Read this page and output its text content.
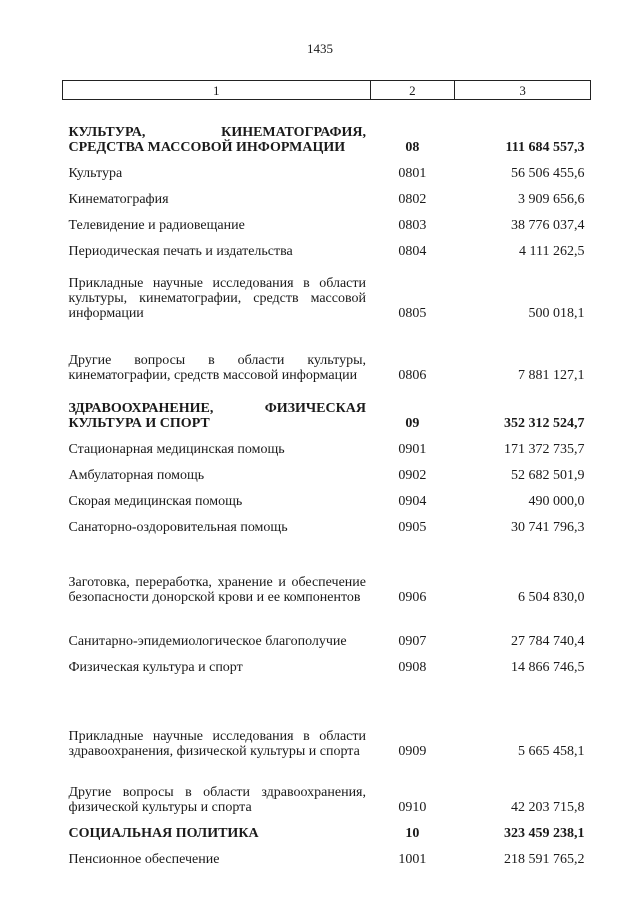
1435
1	2	3
КУЛЬТУРА, КИНЕМАТОГРАФИЯ, СРЕДСТВА МАССОВОЙ ИНФОРМАЦИИ	08	111 684 557,3
Культура	0801	56 506 455,6
Кинематография	0802	3 909 656,6
Телевидение и радиовещание	0803	38 776 037,4
Периодическая печать и издательства	0804	4 111 262,5
Прикладные научные исследования в области культуры, кинематографии, средств массовой информации	0805	500 018,1
Другие вопросы в области культуры, кинематографии, средств массовой информации	0806	7 881 127,1
ЗДРАВООХРАНЕНИЕ, ФИЗИЧЕСКАЯ КУЛЬТУРА И СПОРТ	09	352 312 524,7
Стационарная медицинская помощь	0901	171 372 735,7
Амбулаторная помощь	0902	52 682 501,9
Скорая медицинская помощь	0904	490 000,0
Санаторно-оздоровительная помощь	0905	30 741 796,3
Заготовка, переработка, хранение и обеспечение безопасности донорской крови и ее компонентов	0906	6 504 830,0
Санитарно-эпидемиологическое благополучие	0907	27 784 740,4
Физическая культура и спорт	0908	14 866 746,5
Прикладные научные исследования в области здравоохранения, физической культуры и спорта	0909	5 665 458,1
Другие вопросы в области здравоохранения, физической культуры и спорта	0910	42 203 715,8
СОЦИАЛЬНАЯ ПОЛИТИКА	10	323 459 238,1
Пенсионное обеспечение	1001	218 591 765,2
